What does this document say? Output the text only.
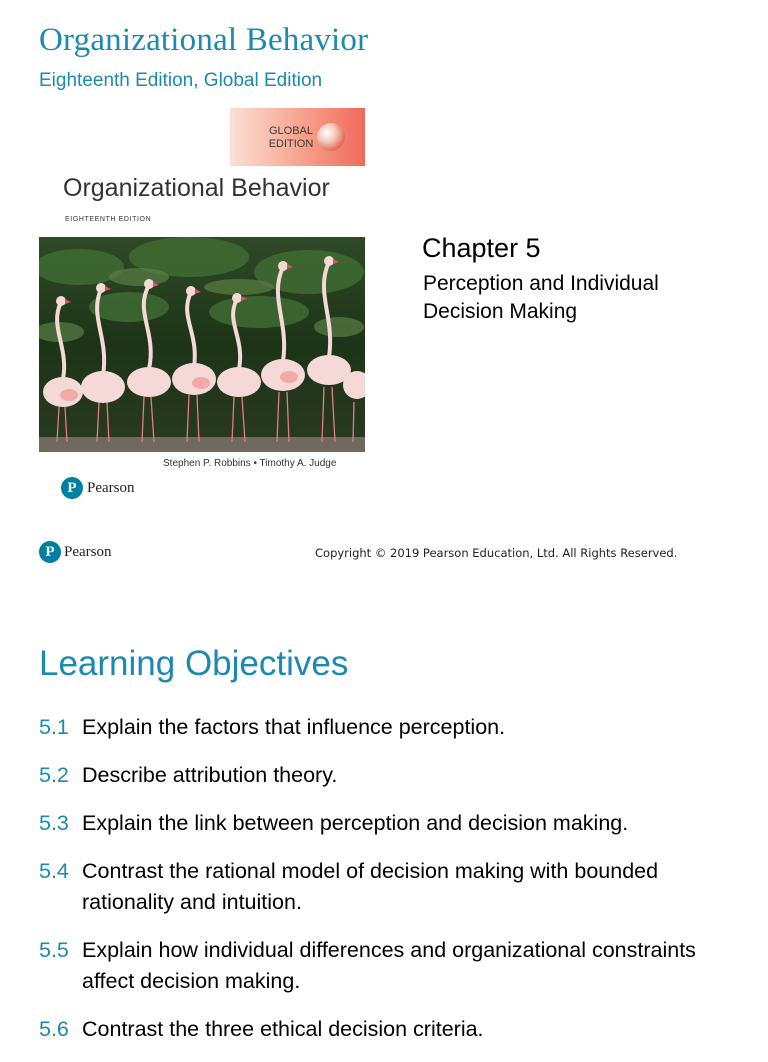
Organizational Behavior
Eighteenth Edition, Global Edition
GLOBAL
EDITION
Organizational Behavior
EIGHTEENTH EDITION
Stephen P. Robbins • Timothy A. Judge
P Pearson
Chapter 5
Perception and Individual Decision Making
P Pearson	Copyright © 2019 Pearson Education, Ltd. All Rights Reserved.
Learning Objectives
5.1 Explain the factors that influence perception.
5.2 Describe attribution theory.
5.3 Explain the link between perception and decision making.
5.4 Contrast the rational model of decision making with bounded rationality and intuition.
5.5 Explain how individual differences and organizational constraints affect decision making.
5.6 Contrast the three ethical decision criteria.
